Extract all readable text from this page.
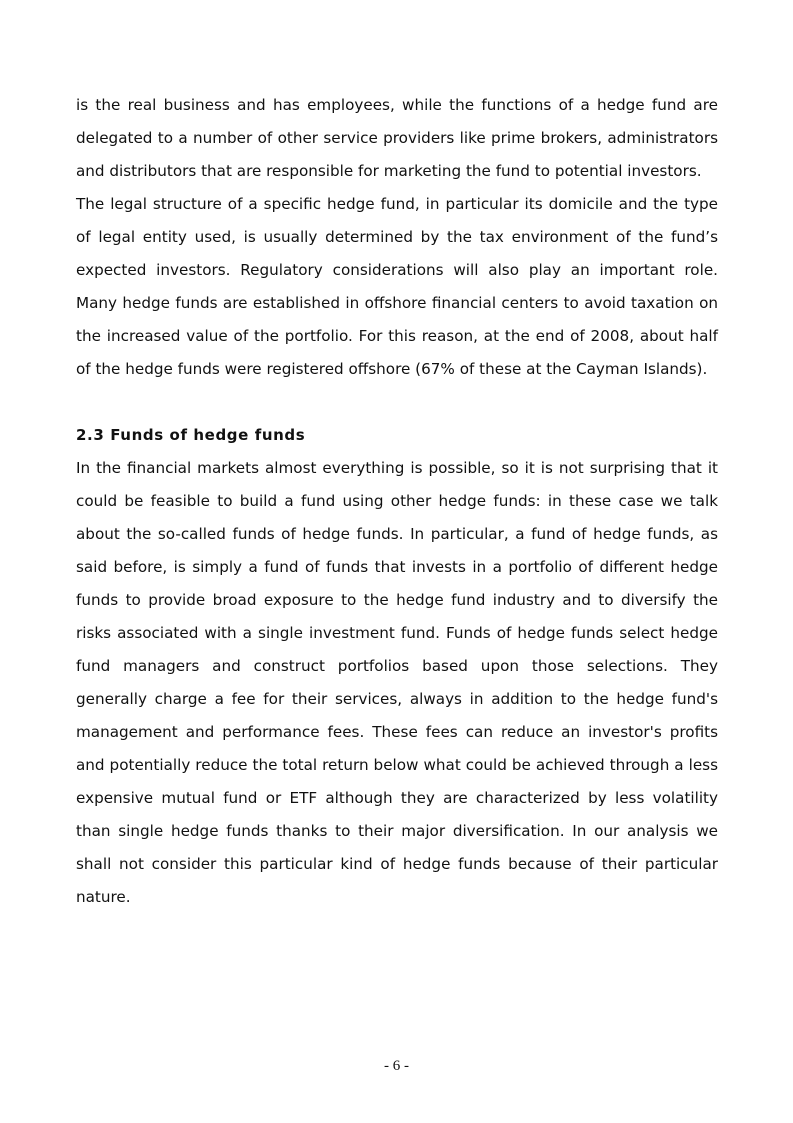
is the real business and has employees, while the functions of a hedge fund are delegated to a number of other service providers like prime brokers, administrators and distributors that are responsible for marketing the fund to potential investors.

The legal structure of a specific hedge fund, in particular its domicile and the type of legal entity used, is usually determined by the tax environment of the fund’s expected investors. Regulatory considerations will also play an important role. Many hedge funds are established in offshore financial centers to avoid taxation on the increased value of the portfolio. For this reason, at the end of 2008, about half of the hedge funds were registered offshore (67% of these at the Cayman Islands).

2.3 Funds of hedge funds

In the financial markets almost everything is possible, so it is not surprising that it could be feasible to build a fund using other hedge funds: in these case we talk about the so-called funds of hedge funds. In particular, a fund of hedge funds, as said before, is simply a fund of funds that invests in a portfolio of different hedge funds to provide broad exposure to the hedge fund industry and to diversify the risks associated with a single investment fund. Funds of hedge funds select hedge fund managers and construct portfolios based upon those selections. They generally charge a fee for their services, always in addition to the hedge fund's management and performance fees. These fees can reduce an investor's profits and potentially reduce the total return below what could be achieved through a less expensive mutual fund or ETF although they are characterized by less volatility than single hedge funds thanks to their major diversification. In our analysis we shall not consider this particular kind of hedge funds because of their particular nature.

- 6 -
